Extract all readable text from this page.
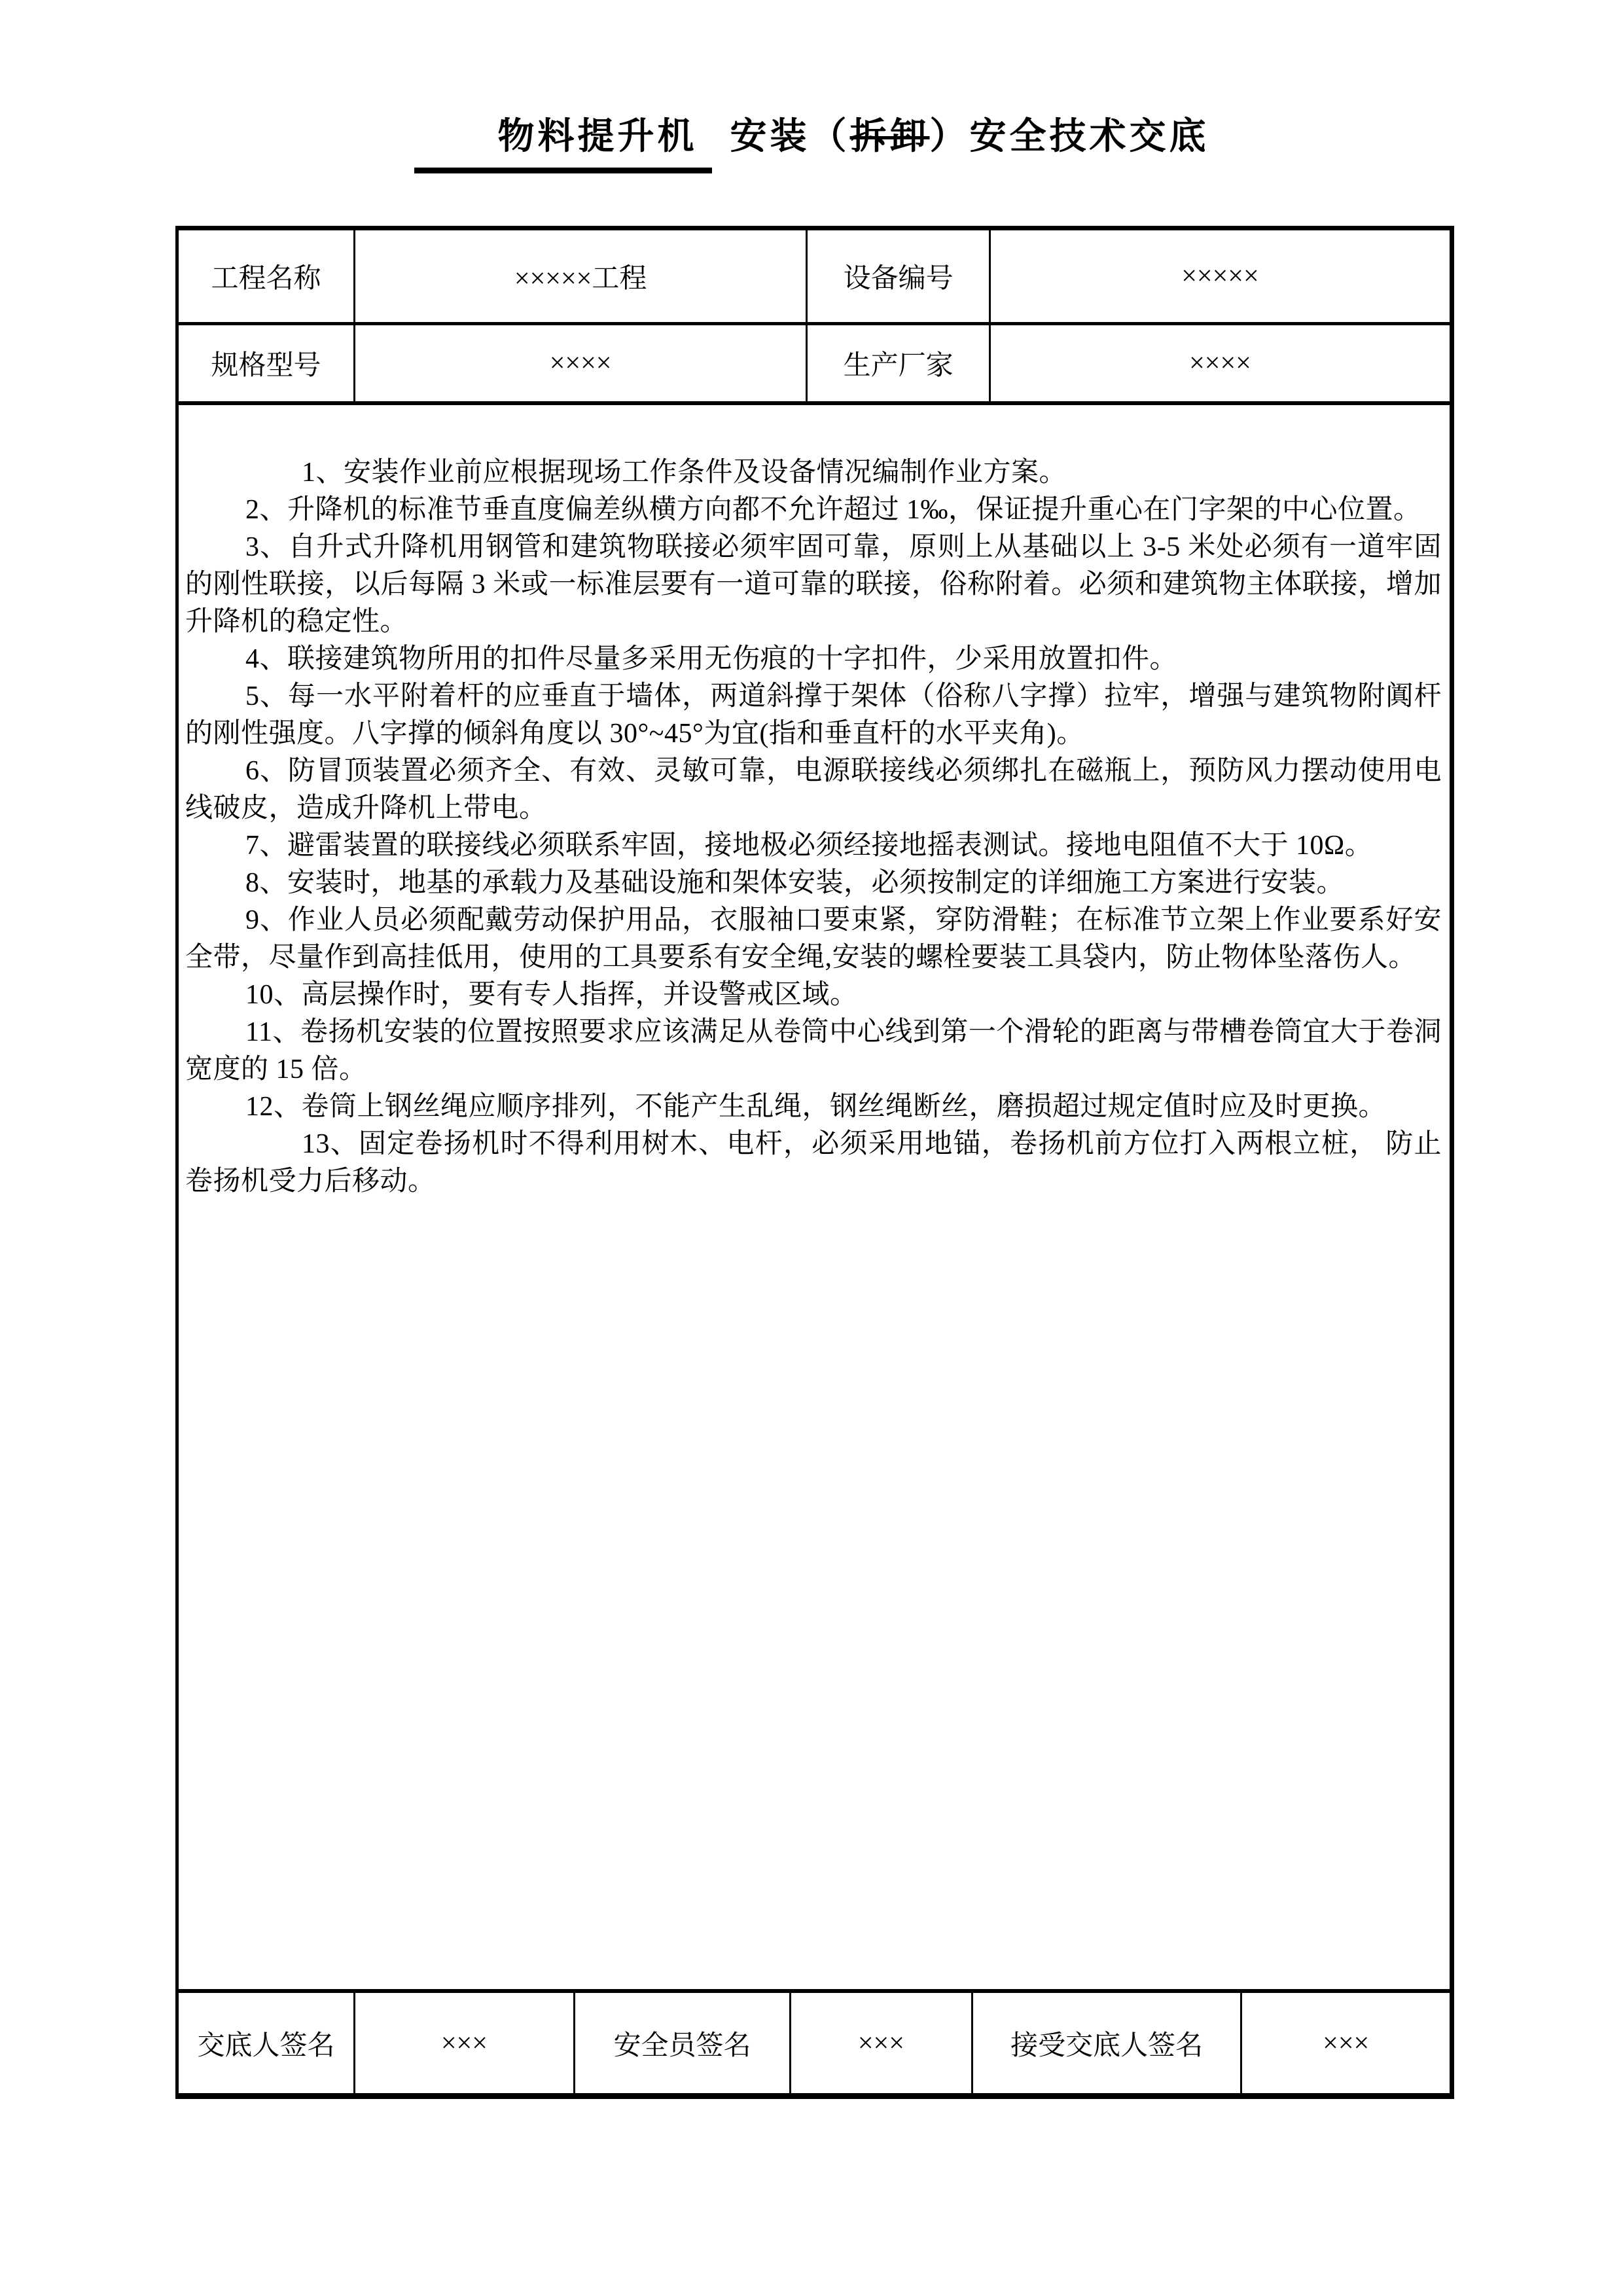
物料提升机 安装（拆卸）安全技术交底
工程名称	×××××工程	设备编号	×××××
规格型号	××××	生产厂家	××××

1、安装作业前应根据现场工作条件及设备情况编制作业方案。

2、升降机的标准节垂直度偏差纵横方向都不允许超过 1‰，保证提升重心在门字架的中心位置。

3、自升式升降机用钢管和建筑物联接必须牢固可靠，原则上从基础以上 3-5 米处必须有一道牢固的刚性联接，以后每隔 3 米或一标准层要有一道可靠的联接，俗称附着。必须和建筑物主体联接，增加升降机的稳定性。

4、联接建筑物所用的扣件尽量多采用无伤痕的十字扣件，少采用放置扣件。

5、每一水平附着杆的应垂直于墙体，两道斜撑于架体（俗称八字撑）拉牢，增强与建筑物附阗杆的刚性强度。八字撑的倾斜角度以 30°~45°为宜(指和垂直杆的水平夹角)。

6、防冒顶装置必须齐全、有效、灵敏可靠，电源联接线必须绑扎在磁瓶上，预防风力摆动使用电线破皮，造成升降机上带电。

7、避雷装置的联接线必须联系牢固，接地极必须经接地摇表测试。接地电阻值不大于 10Ω。

8、安装时，地基的承载力及基础设施和架体安装，必须按制定的详细施工方案进行安装。

9、作业人员必须配戴劳动保护用品，衣服袖口要束紧，穿防滑鞋；在标准节立架上作业要系好安全带，尽量作到高挂低用，使用的工具要系有安全绳,安装的螺栓要装工具袋内，防止物体坠落伤人。

10、高层操作时，要有专人指挥，并设警戒区域。

11、卷扬机安装的位置按照要求应该满足从卷筒中心线到第一个滑轮的距离与带槽卷筒宜大于卷洞宽度的 15 倍。

12、卷筒上钢丝绳应顺序排列，不能产生乱绳，钢丝绳断丝，磨损超过规定值时应及时更换。

13、固定卷扬机时不得利用树木、电杆，必须采用地锚，卷扬机前方位打入两根立桩， 防止卷扬机受力后移动。

交底人签名	×××	安全员签名	×××	接受交底人签名	×××
